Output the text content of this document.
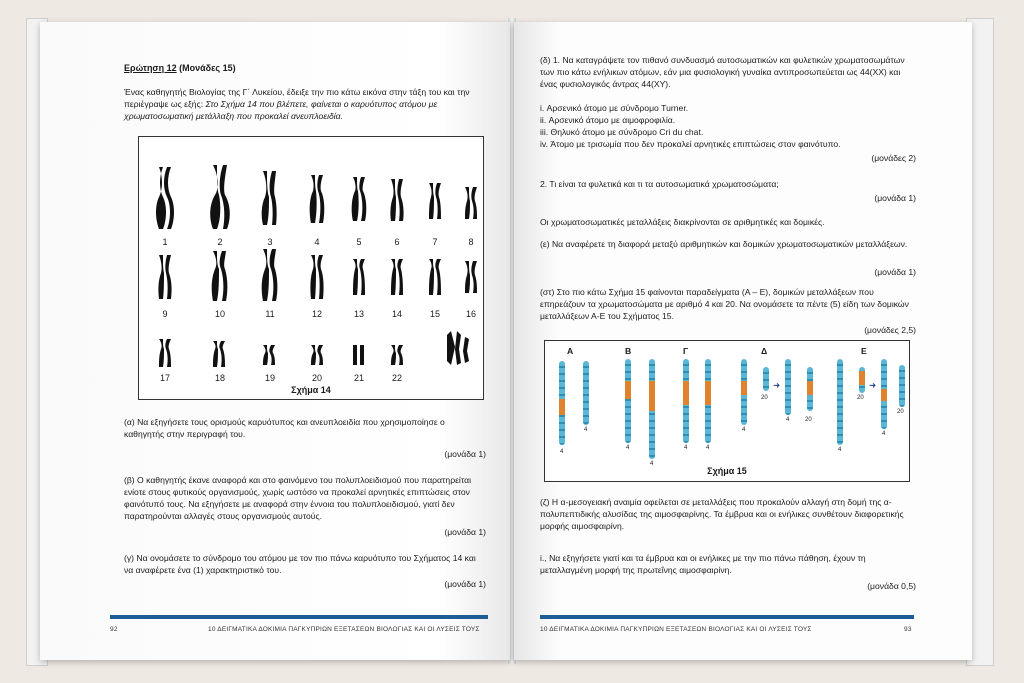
Ερώτηση 12 (Μονάδες 15)
Ένας καθηγητής Βιολογίας της Γ΄ Λυκείου, έδειξε την πιο κάτω εικόνα στην τάξη του και την περιέγραψε ως εξής: Στο Σχήμα 14 που βλέπετε, φαίνεται ο καρυότυπος ατόμου με χρωματοσωματική μετάλλαξη που προκαλεί ανευπλοειδία.
1	2	3	4	5	6	7	8
9	10	11	12	13	14	15	16
17	18	19	20	21	22
Σχήμα 14
(α) Να εξηγήσετε τους ορισμούς καρυότυπος και ανευπλοειδία που χρησιμοποίησε ο καθηγητής στην περιγραφή του.
(μονάδα 1)
(β) Ο καθηγητής έκανε αναφορά και στο φαινόμενο του πολυπλοειδισμού που παρατηρείται ενίοτε στους φυτικούς οργανισμούς, χωρίς ωστόσο να προκαλεί αρνητικές επιπτώσεις στον φαινότυπό τους. Να εξηγήσετε με αναφορά στην έννοια του πολυπλοειδισμού, γιατί δεν παρατηρούνται αλλαγές στους οργανισμούς αυτούς.
(μονάδα 1)
(γ) Να ονομάσετε το σύνδρομο του ατόμου με τον πιο πάνω καρυότυπο του Σχήματος 14 και να αναφέρετε ένα (1) χαρακτηριστικό του.
(μονάδα 1)
92	10 ΔΕΙΓΜΑΤΙΚΑ ΔΟΚΙΜΙΑ ΠΑΓΚΥΠΡΙΩΝ ΕΞΕΤΑΣΕΩΝ ΒΙΟΛΟΓΙΑΣ ΚΑΙ ΟΙ ΛΥΣΕΙΣ ΤΟΥΣ
(δ) 1. Να καταγράψετε τον πιθανό συνδυασμό αυτοσωματικών και φυλετικών χρωματοσωμάτων των πιο κάτω ενήλικων ατόμων, εάν μια φυσιολογική γυναίκα αντιπροσωπεύεται ως 44(XX) και ένας φυσιολογικός άντρας 44(XY).
i. Αρσενικό άτομο με σύνδρομο Turner.
ii. Αρσενικό άτομο με αιμοφροφιλία.
iii. Θηλυκό άτομο με σύνδρομο Cri du chat.
iv. Άτομο με τρισωμία που δεν προκαλεί αρνητικές επιπτώσεις στον φαινότυπο.
(μονάδες 2)
2. Τι είναι τα φυλετικά και τι τα αυτοσωματικά χρωματοσώματα;
(μονάδα 1)
Οι χρωματοσωματικές μεταλλάξεις διακρίνονται σε αριθμητικές και δομικές.
(ε) Να αναφέρετε τη διαφορά μεταξύ αριθμητικών και δομικών χρωματοσωματικών μεταλλάξεων.
(μονάδα 1)
(στ) Στο πιο κάτω Σχήμα 15 φαίνονται παραδείγματα (Α – Ε), δομικών μεταλλάξεων που επηρεάζουν τα χρωματοσώματα με αριθμό 4 και 20. Να ονομάσετε τα πέντε (5) είδη των δομικών μεταλλάξεων Α-Ε του Σχήματος 15.
(μονάδες 2,5)
Α	Β	Γ	Δ	Ε
4
4
4
4
4	4
➜
4
20
4	20
➜
4
20
4
20
Σχήμα 15
(ζ) Η α-μεσογειακή αναιμία οφείλεται σε μεταλλάξεις που προκαλούν αλλαγή στη δομή της α-πολυπεπτιδικής αλυσίδας της αιμοσφαιρίνης. Τα έμβρυα και οι ενήλικες συνθέτουν διαφορετικής μορφής αιμοσφαιρίνη.
i., Να εξηγήσετε γιατί και τα έμβρυα και οι ενήλικες με την πιο πάνω πάθηση, έχουν τη μεταλλαγμένη μορφή της πρωτεΐνης αιμοσφαιρίνη.
(μονάδα 0,5)
10 ΔΕΙΓΜΑΤΙΚΑ ΔΟΚΙΜΙΑ ΠΑΓΚΥΠΡΙΩΝ ΕΞΕΤΑΣΕΩΝ ΒΙΟΛΟΓΙΑΣ ΚΑΙ ΟΙ ΛΥΣΕΙΣ ΤΟΥΣ	93
